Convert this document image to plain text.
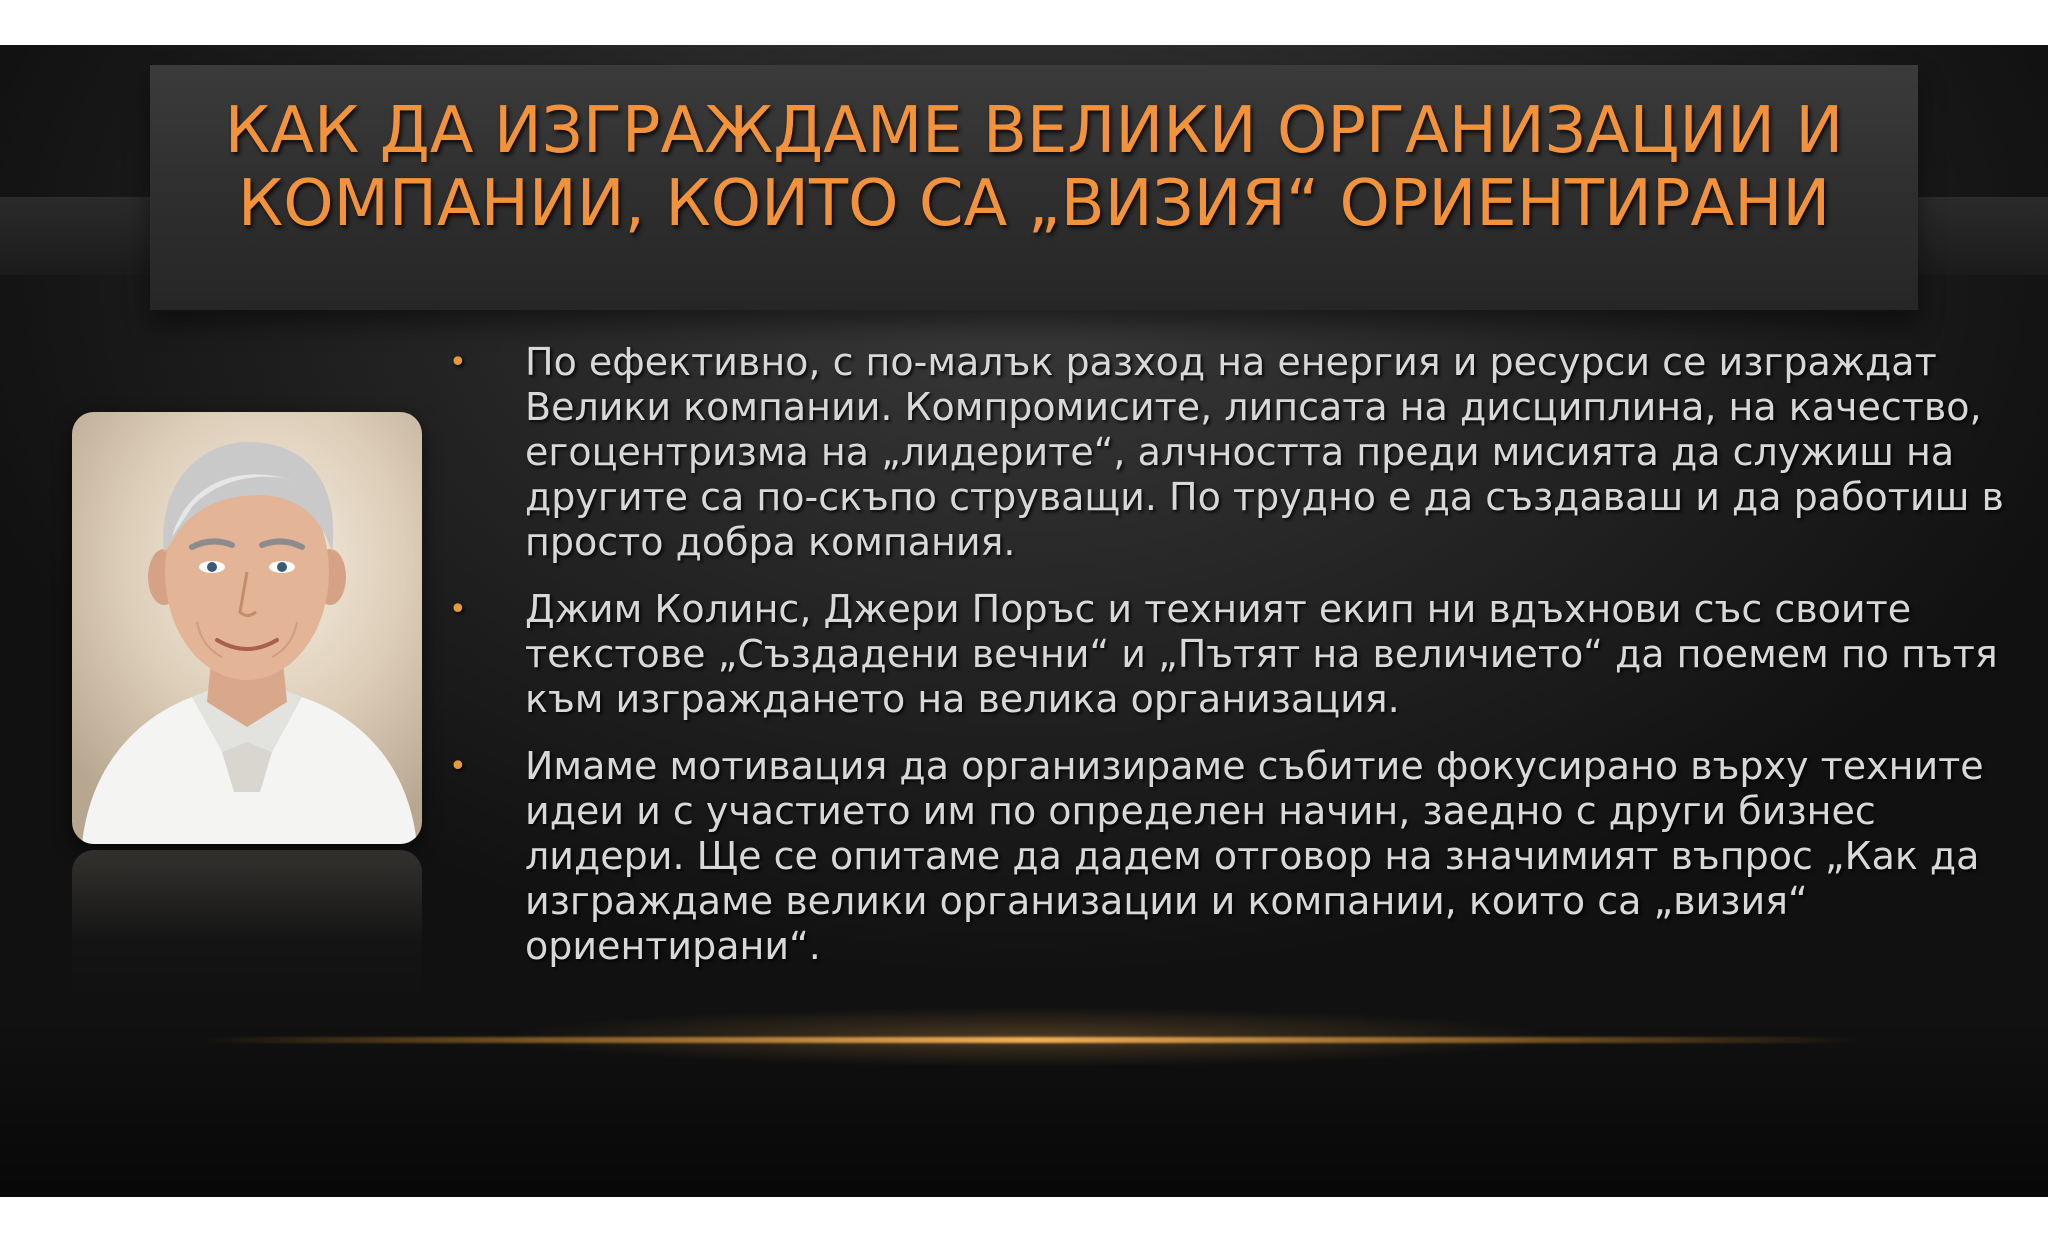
КАК ДА ИЗГРАЖДАМЕ ВЕЛИКИ ОРГАНИЗАЦИИ И КОМПАНИИ, КОИТО СА „ВИЗИЯ“ ОРИЕНТИРАНИ
• По ефективно, с по-малък разход на енергия и ресурси се изграждат Велики компании. Компромисите, липсата на дисциплина, на качество, егоцентризма на „лидерите“, алчността преди мисията да служиш на другите са по-скъпо струващи. По трудно е да създаваш и да работиш в просто добра компания.
• Джим Колинс, Джери Поръс и техният екип ни вдъхнови със своите текстове „Създадени вечни“ и „Пътят на величието“ да поемем по пътя към изграждането на велика организация.
• Имаме мотивация да организираме събитие фокусирано върху техните идеи и с участието им по определен начин, заедно с други бизнес лидери. Ще се опитаме да дадем отговор на значимият въпрос „Как да изграждаме велики организации и компании, които са „визия“ ориентирани“.
